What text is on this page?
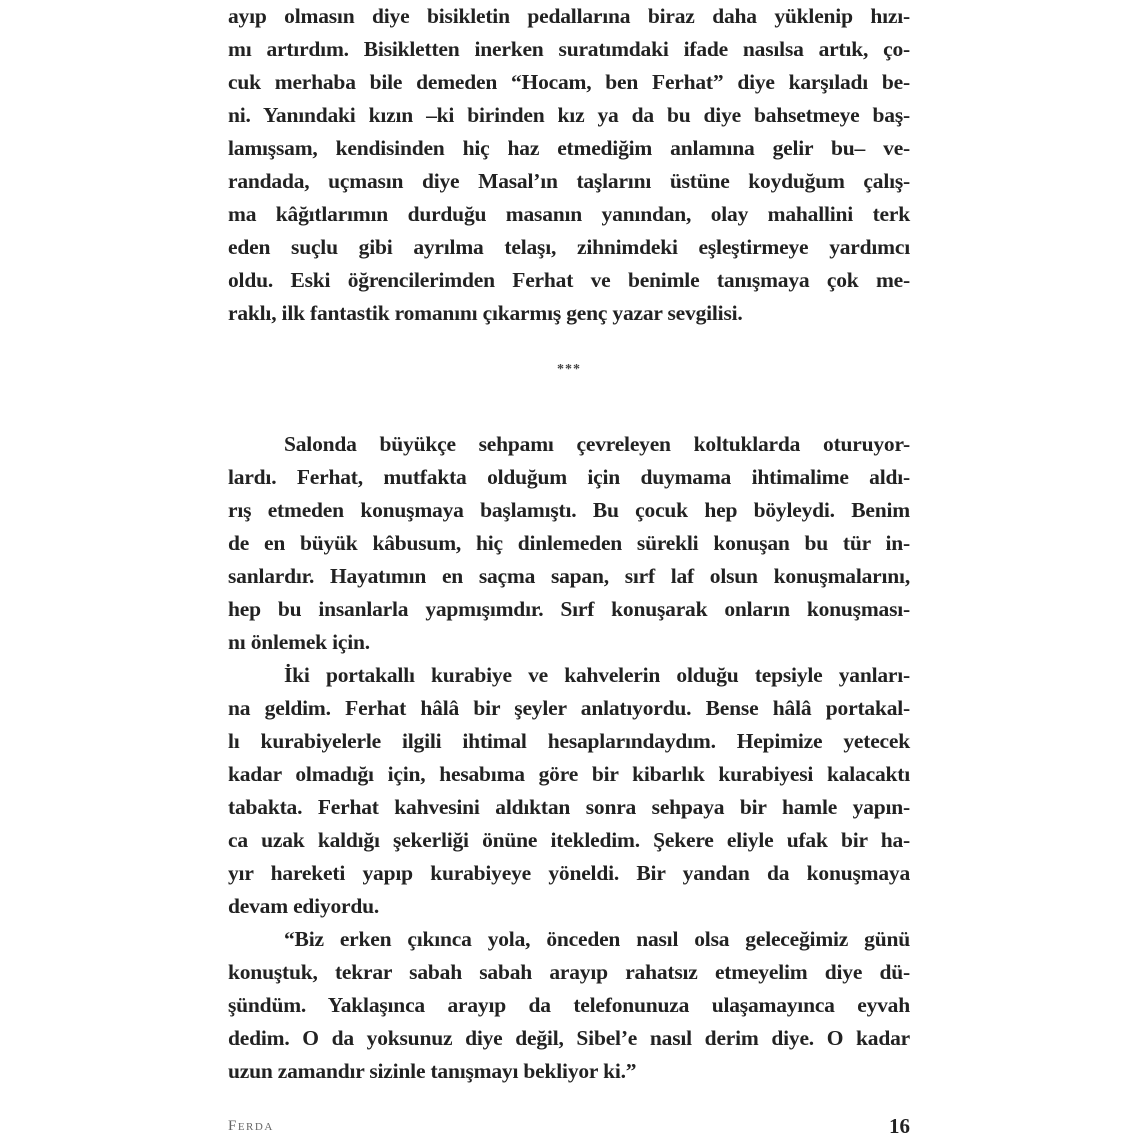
ayıp olmasın diye bisikletin pedallarına biraz daha yüklenip hızı-
mı artırdım. Bisikletten inerken suratımdaki ifade nasılsa artık, ço-
cuk merhaba bile demeden “Hocam, ben Ferhat” diye karşıladı be-
ni. Yanındaki kızın –ki birinden kız ya da bu diye bahsetmeye baş-
lamışsam, kendisinden hiç haz etmediğim anlamına gelir bu– ve-
randada, uçmasın diye Masal’ın taşlarını üstüne koyduğum çalış-
ma kâğıtlarımın durduğu masanın yanından, olay mahallini terk
eden suçlu gibi ayrılma telaşı, zihnimdeki eşleştirmeye yardımcı
oldu. Eski öğrencilerimden Ferhat ve benimle tanışmaya çok me-
raklı, ilk fantastik romanını çıkarmış genç yazar sevgilisi.
***
Salonda büyükçe sehpamı çevreleyen koltuklarda oturuyor-
lardı. Ferhat, mutfakta olduğum için duymama ihtimalime aldı-
rış etmeden konuşmaya başlamıştı. Bu çocuk hep böyleydi. Benim
de en büyük kâbusum, hiç dinlemeden sürekli konuşan bu tür in-
sanlardır. Hayatımın en saçma sapan, sırf laf olsun konuşmalarını,
hep bu insanlarla yapmışımdır. Sırf konuşarak onların konuşması-
nı önlemek için.
İki portakallı kurabiye ve kahvelerin olduğu tepsiyle yanları-
na geldim. Ferhat hâlâ bir şeyler anlatıyordu. Bense hâlâ portakal-
lı kurabiyelerle ilgili ihtimal hesaplarındaydım. Hepimize yetecek
kadar olmadığı için, hesabıma göre bir kibarlık kurabiyesi kalacaktı
tabakta. Ferhat kahvesini aldıktan sonra sehpaya bir hamle yapın-
ca uzak kaldığı şekerliği önüne itekledim. Şekere eliyle ufak bir ha-
yır hareketi yapıp kurabiyeye yöneldi. Bir yandan da konuşmaya
devam ediyordu.
“Biz erken çıkınca yola, önceden nasıl olsa geleceğimiz günü
konuştuk, tekrar sabah sabah arayıp rahatsız etmeyelim diye dü-
şündüm. Yaklaşınca arayıp da telefonunuza ulaşamayınca eyvah
dedim. O da yoksunuz diye değil, Sibel’e nasıl derim diye. O kadar
uzun zamandır sizinle tanışmayı bekliyor ki.”
Ferda	16
